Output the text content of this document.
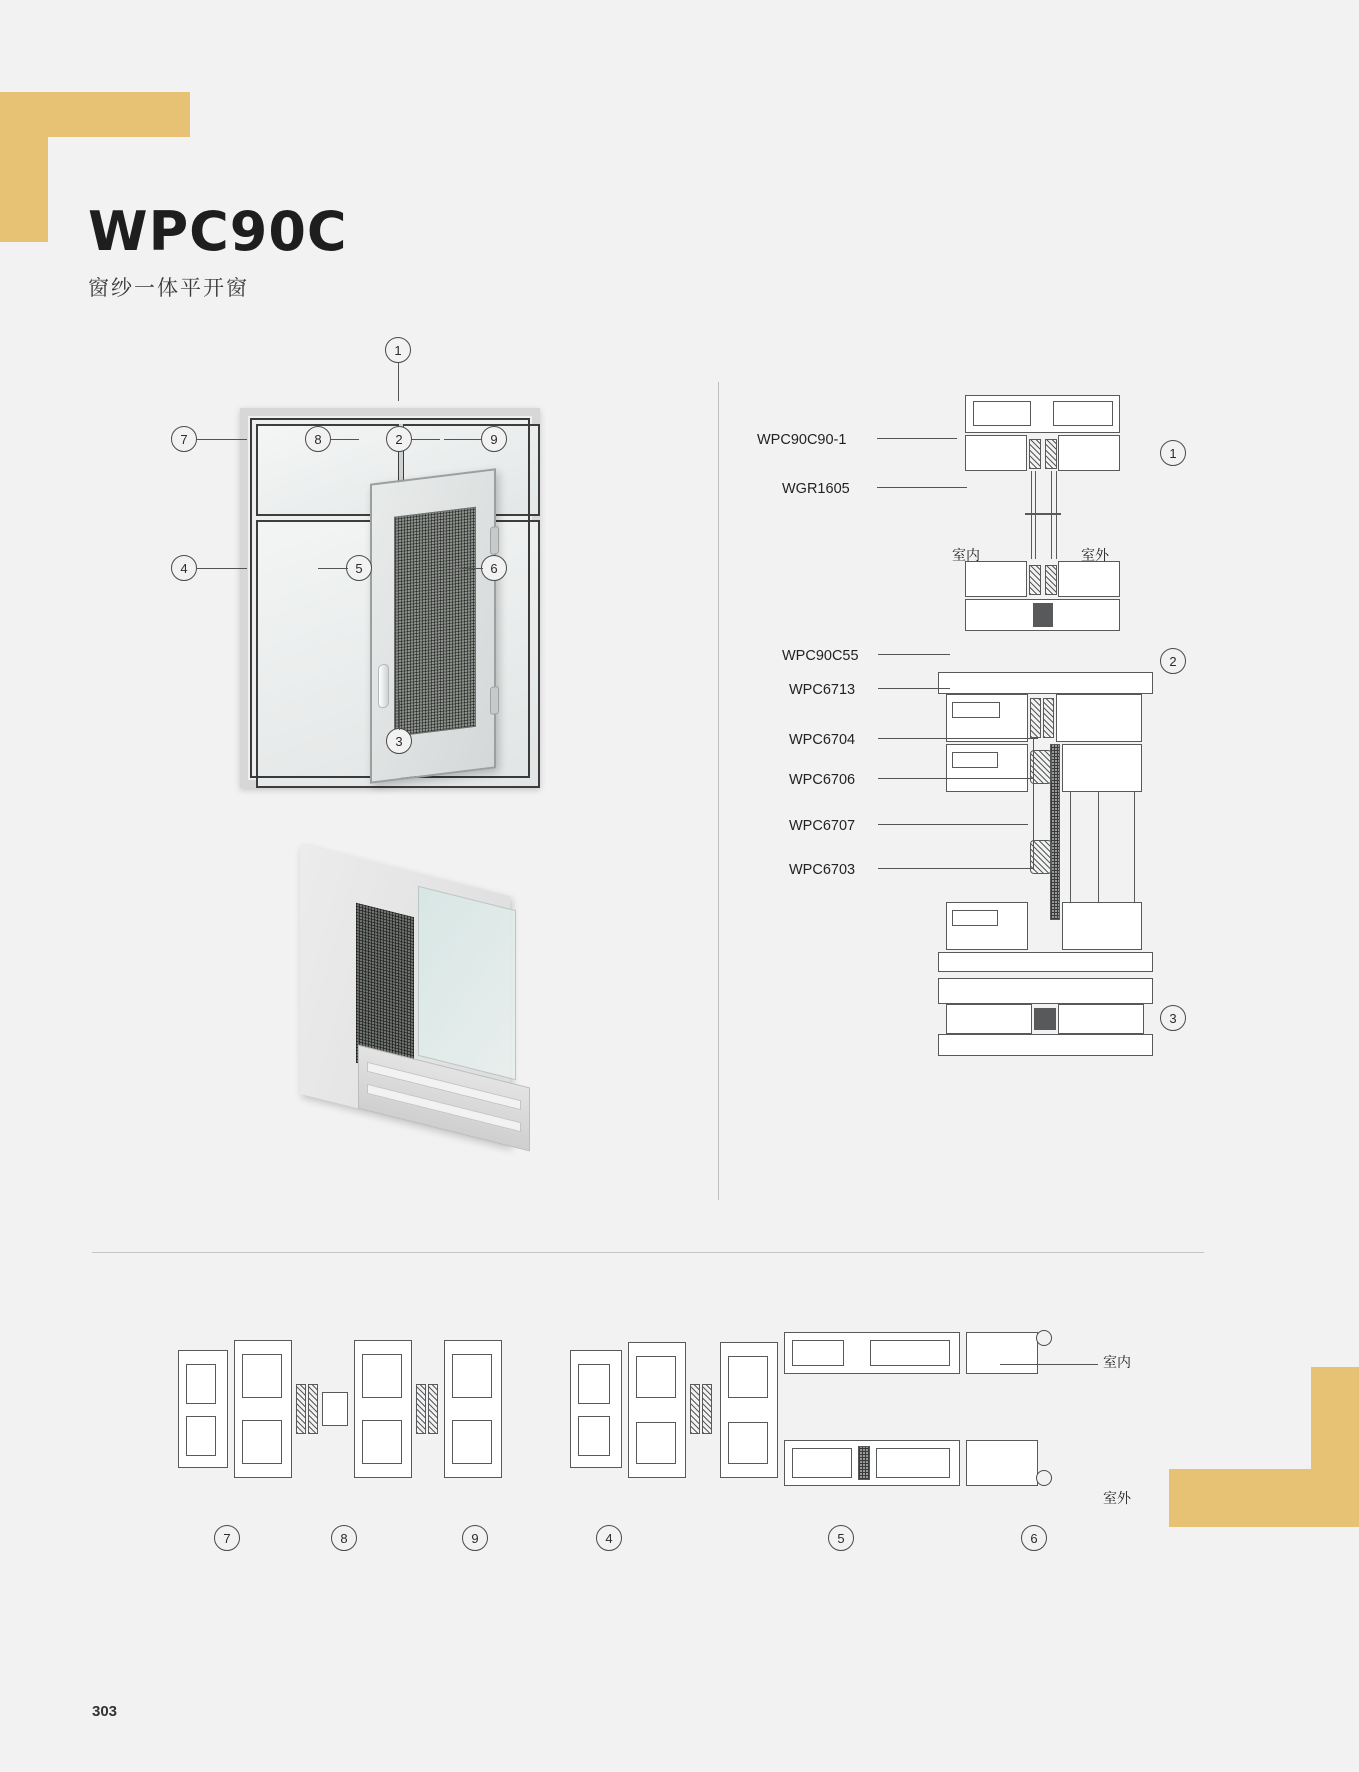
WPC90C
窗纱一体平开窗
1
7	8	2	9
4	5	6
3
WPC90C90-1
WGR1605
室内	室外
1
WPC90C55
WPC6713
WPC6704
WPC6706
WPC6707
WPC6703
2
3
室内
室外
7	8	9	4	5	6
303
